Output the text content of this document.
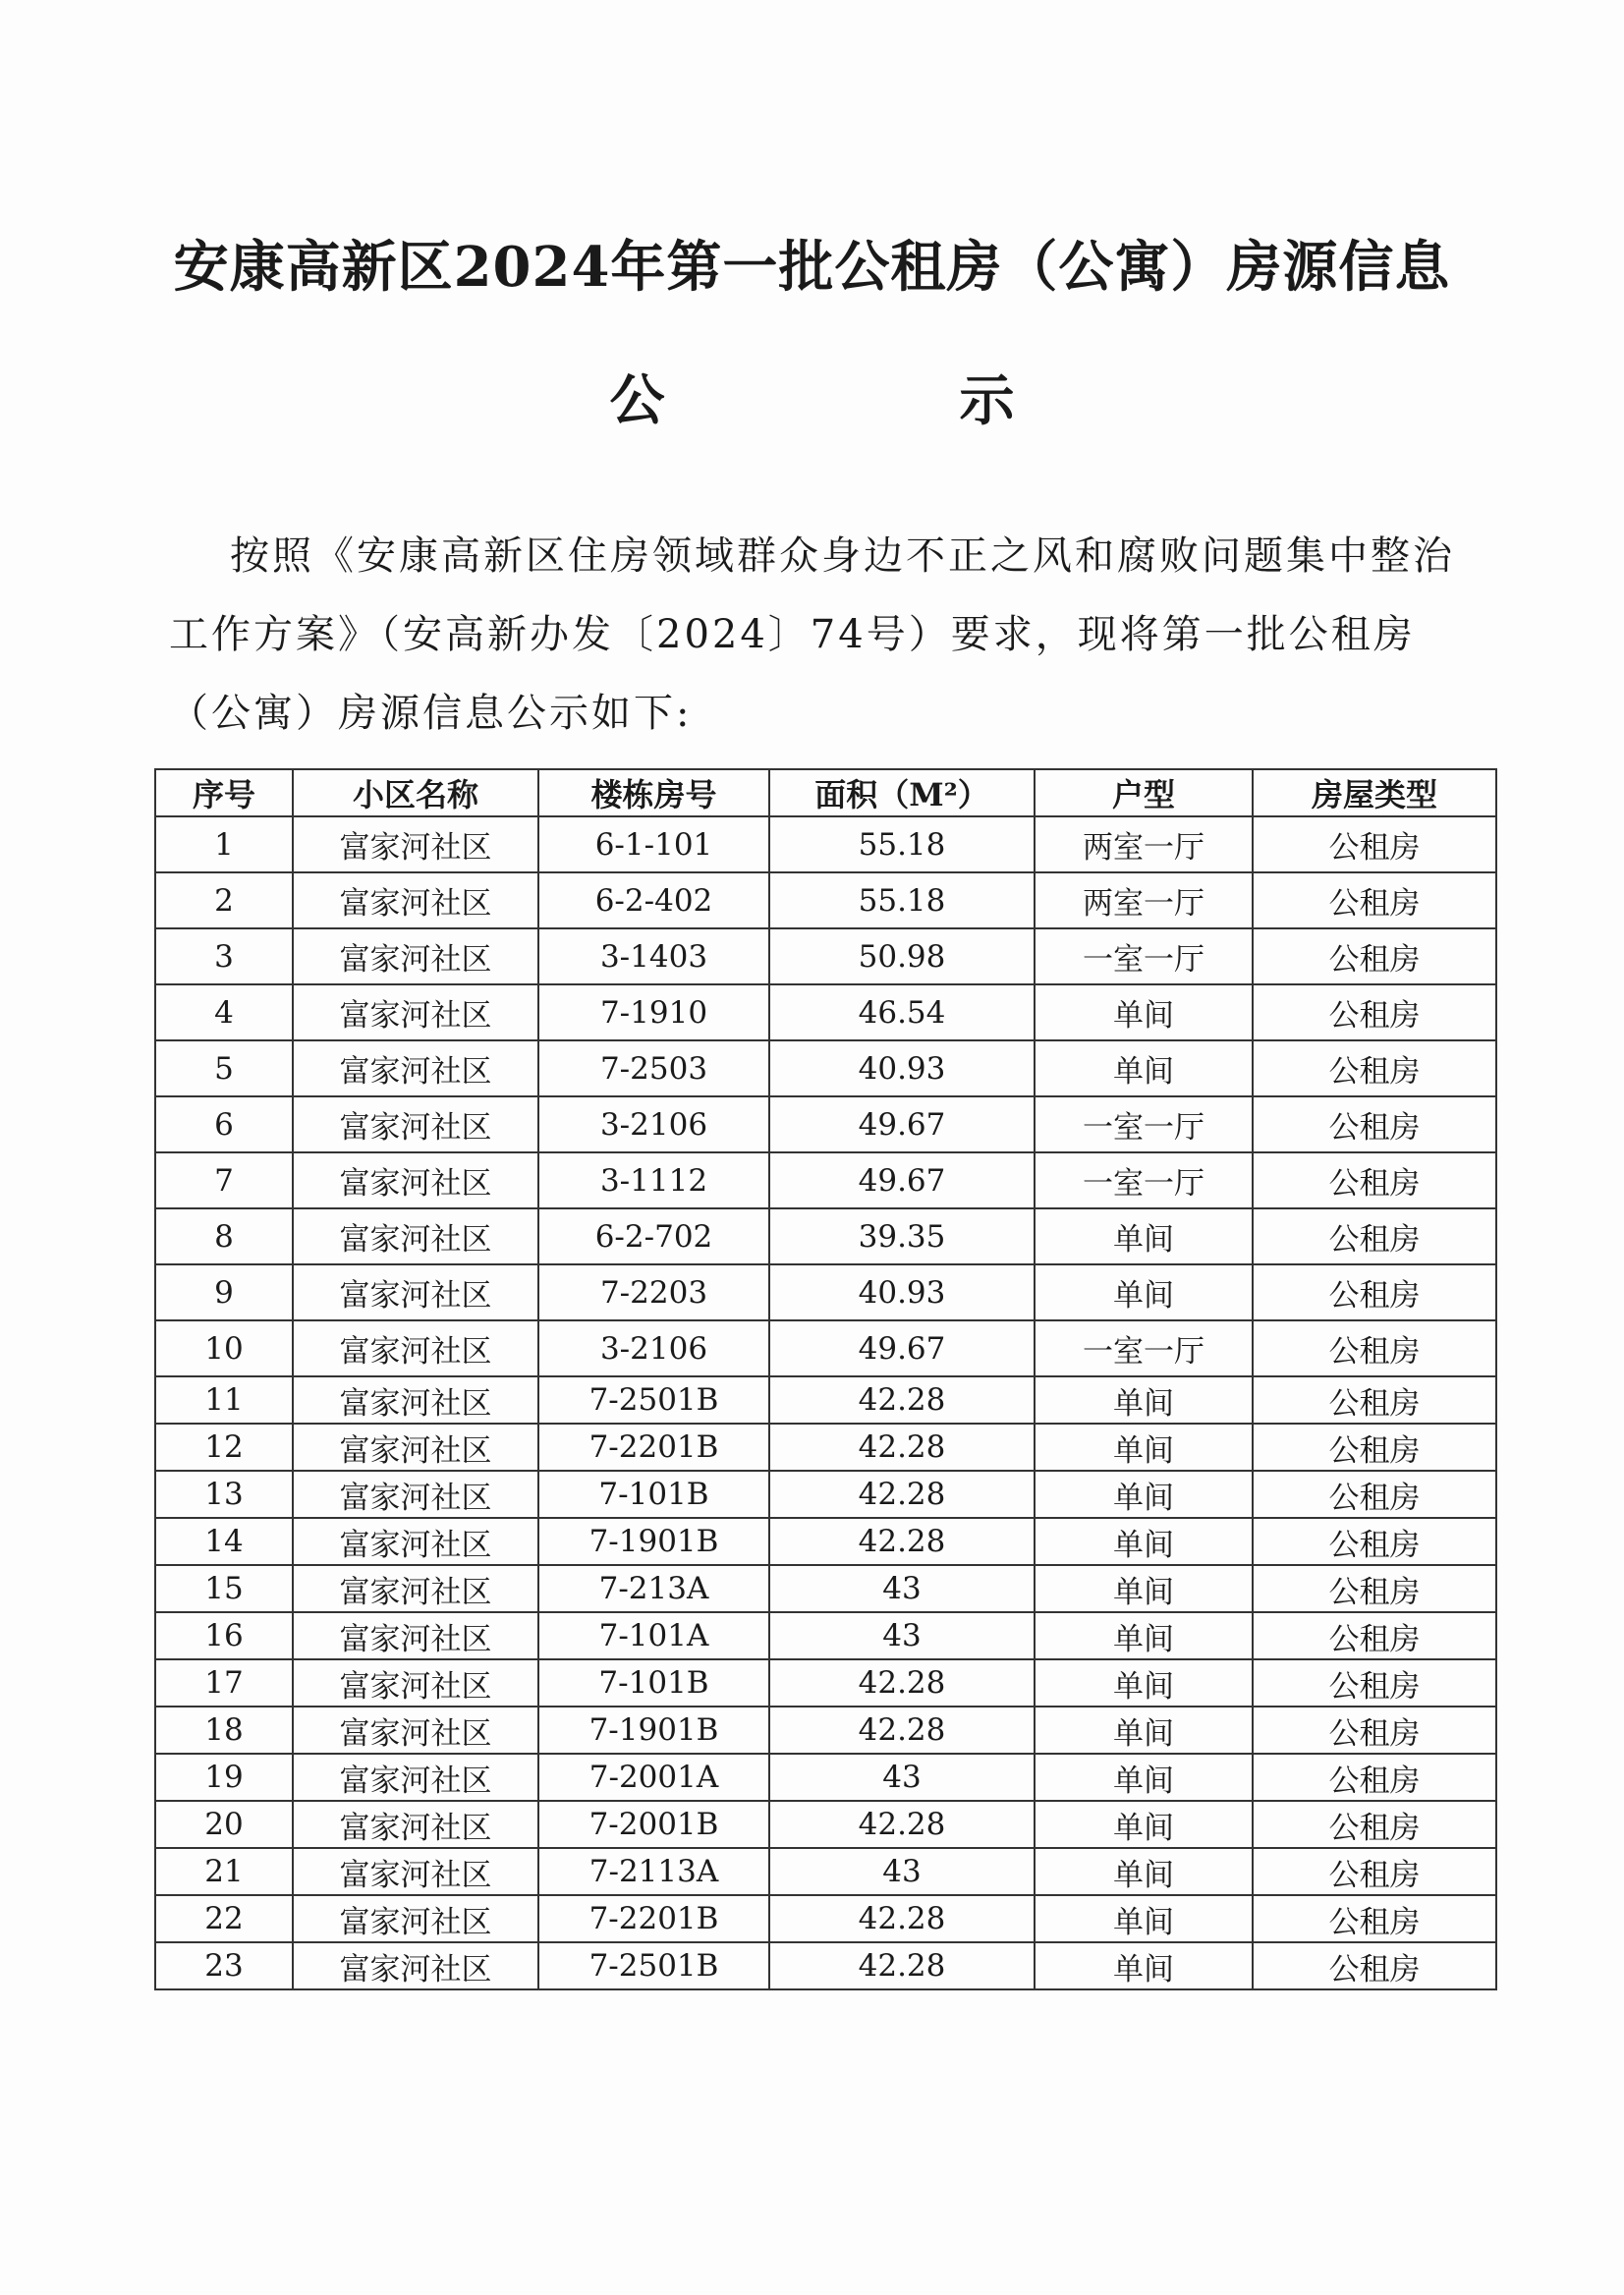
安康高新区2024年第一批公租房（公寓）房源信息
公	示
按照《安康高新区住房领域群众身边不正之风和腐败问题集中整治工作方案》（安高新办发〔2024〕74号）要求，现将第一批公租房（公寓）房源信息公示如下:
序号	小区名称	楼栋房号	面积（M²）	户型	房屋类型
1	富家河社区	6-1-101	55.18	两室一厅	公租房
2	富家河社区	6-2-402	55.18	两室一厅	公租房
3	富家河社区	3-1403	50.98	一室一厅	公租房
4	富家河社区	7-1910	46.54	单间	公租房
5	富家河社区	7-2503	40.93	单间	公租房
6	富家河社区	3-2106	49.67	一室一厅	公租房
7	富家河社区	3-1112	49.67	一室一厅	公租房
8	富家河社区	6-2-702	39.35	单间	公租房
9	富家河社区	7-2203	40.93	单间	公租房
10	富家河社区	3-2106	49.67	一室一厅	公租房
11	富家河社区	7-2501B	42.28	单间	公租房
12	富家河社区	7-2201B	42.28	单间	公租房
13	富家河社区	7-101B	42.28	单间	公租房
14	富家河社区	7-1901B	42.28	单间	公租房
15	富家河社区	7-213A	43	单间	公租房
16	富家河社区	7-101A	43	单间	公租房
17	富家河社区	7-101B	42.28	单间	公租房
18	富家河社区	7-1901B	42.28	单间	公租房
19	富家河社区	7-2001A	43	单间	公租房
20	富家河社区	7-2001B	42.28	单间	公租房
21	富家河社区	7-2113A	43	单间	公租房
22	富家河社区	7-2201B	42.28	单间	公租房
23	富家河社区	7-2501B	42.28	单间	公租房
